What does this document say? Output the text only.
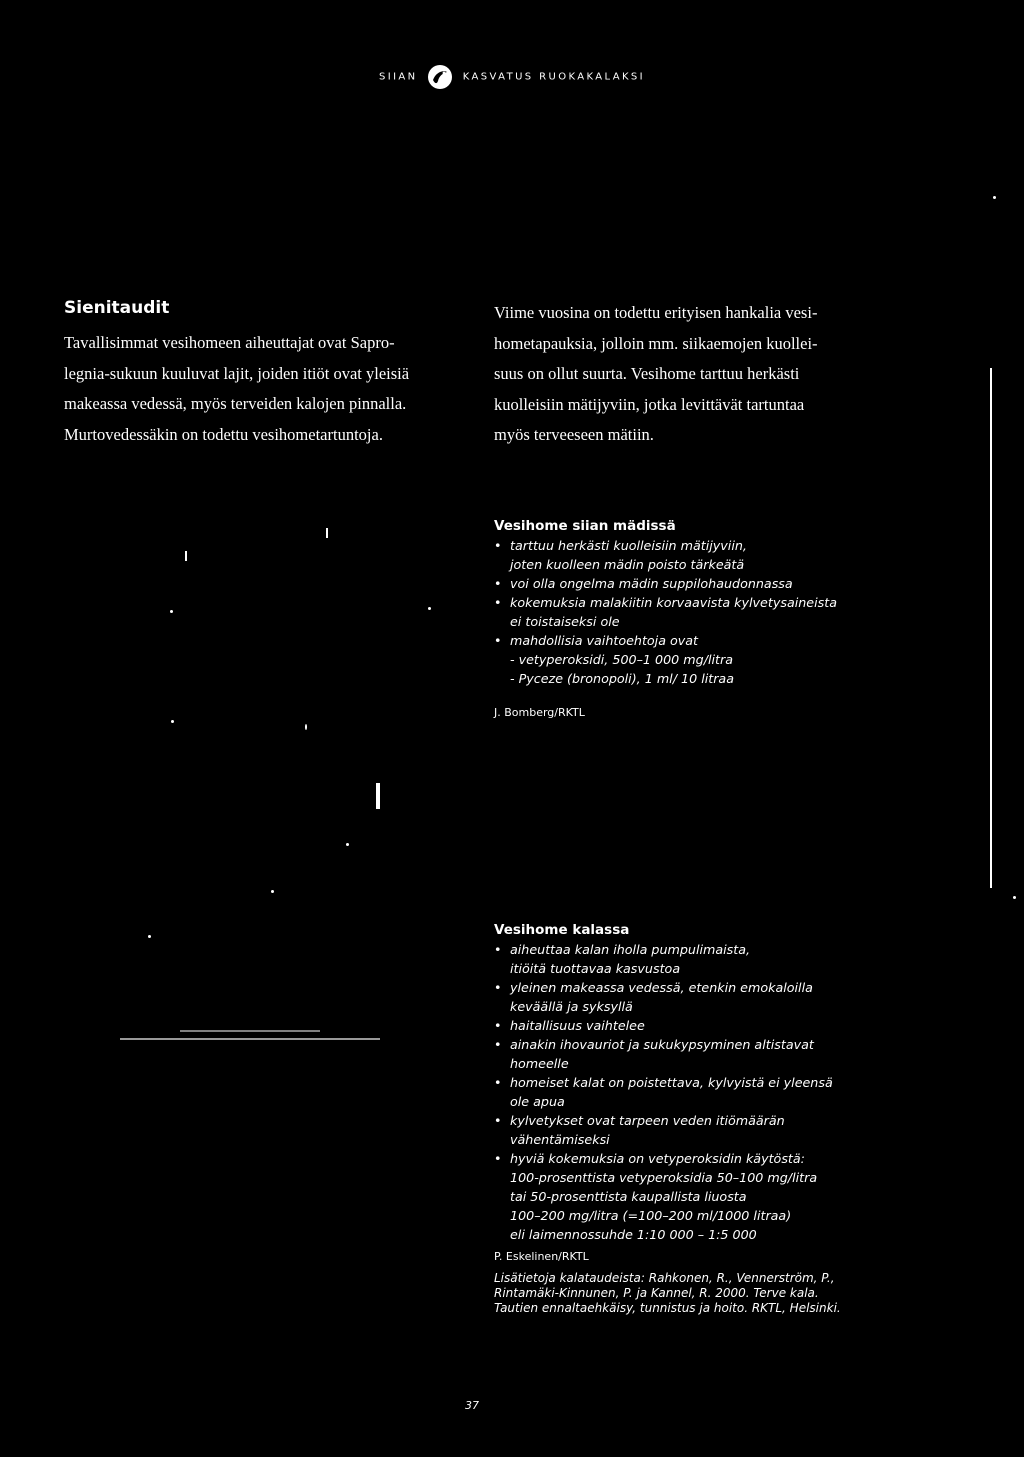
SIIAN	KASVATUS RUOKAKALAKSI
Sienitaudit

Tavallisimmat vesihomeen aiheuttajat ovat Sapro-

legnia-sukuun kuuluvat lajit, joiden itiöt ovat yleisiä

makeassa vedessä, myös terveiden kalojen pinnalla.

Murtovedessäkin on todettu vesihometartuntoja.

Viime vuosina on todettu erityisen hankalia vesi-

hometapauksia, jolloin mm. siikaemojen kuollei-

suus on ollut suurta. Vesihome tarttuu herkästi

kuolleisiin mätijyviin, jotka levittävät tartuntaa

myös terveeseen mätiin.

Vesihome siian mädissä
• tarttuu herkästi kuolleisiin mätijyviin,
joten kuolleen mädin poisto tärkeätä
• voi olla ongelma mädin suppilohaudonnassa
• kokemuksia malakiitin korvaavista kylvetysaineista
ei toistaiseksi ole
• mahdollisia vaihtoehtoja ovat
- vetyperoksidi, 500–1 000 mg/litra
- Pyceze (bronopoli), 1 ml/ 10 litraa
J. Bomberg/RKTL
Vesihome kalassa
• aiheuttaa kalan iholla pumpulimaista,
itiöitä tuottavaa kasvustoa
• yleinen makeassa vedessä, etenkin emokaloilla
keväällä ja syksyllä
• haitallisuus vaihtelee
• ainakin ihovauriot ja sukukypsyminen altistavat
homeelle
• homeiset kalat on poistettava, kylvyistä ei yleensä
ole apua
• kylvetykset ovat tarpeen veden itiömäärän
vähentämiseksi
• hyviä kokemuksia on vetyperoksidin käytöstä:
100-prosenttista vetyperoksidia 50–100 mg/litra
tai 50-prosenttista kaupallista liuosta
100–200 mg/litra (=100–200 ml/1000 litraa)
eli laimennossuhde 1:10 000 – 1:5 000
P. Eskelinen/RKTL
Lisätietoja kalataudeista: Rahkonen, R., Vennerström, P.,
Rintamäki-Kinnunen, P. ja Kannel, R. 2000. Terve kala.
Tautien ennaltaehkäisy, tunnistus ja hoito. RKTL, Helsinki.
37
